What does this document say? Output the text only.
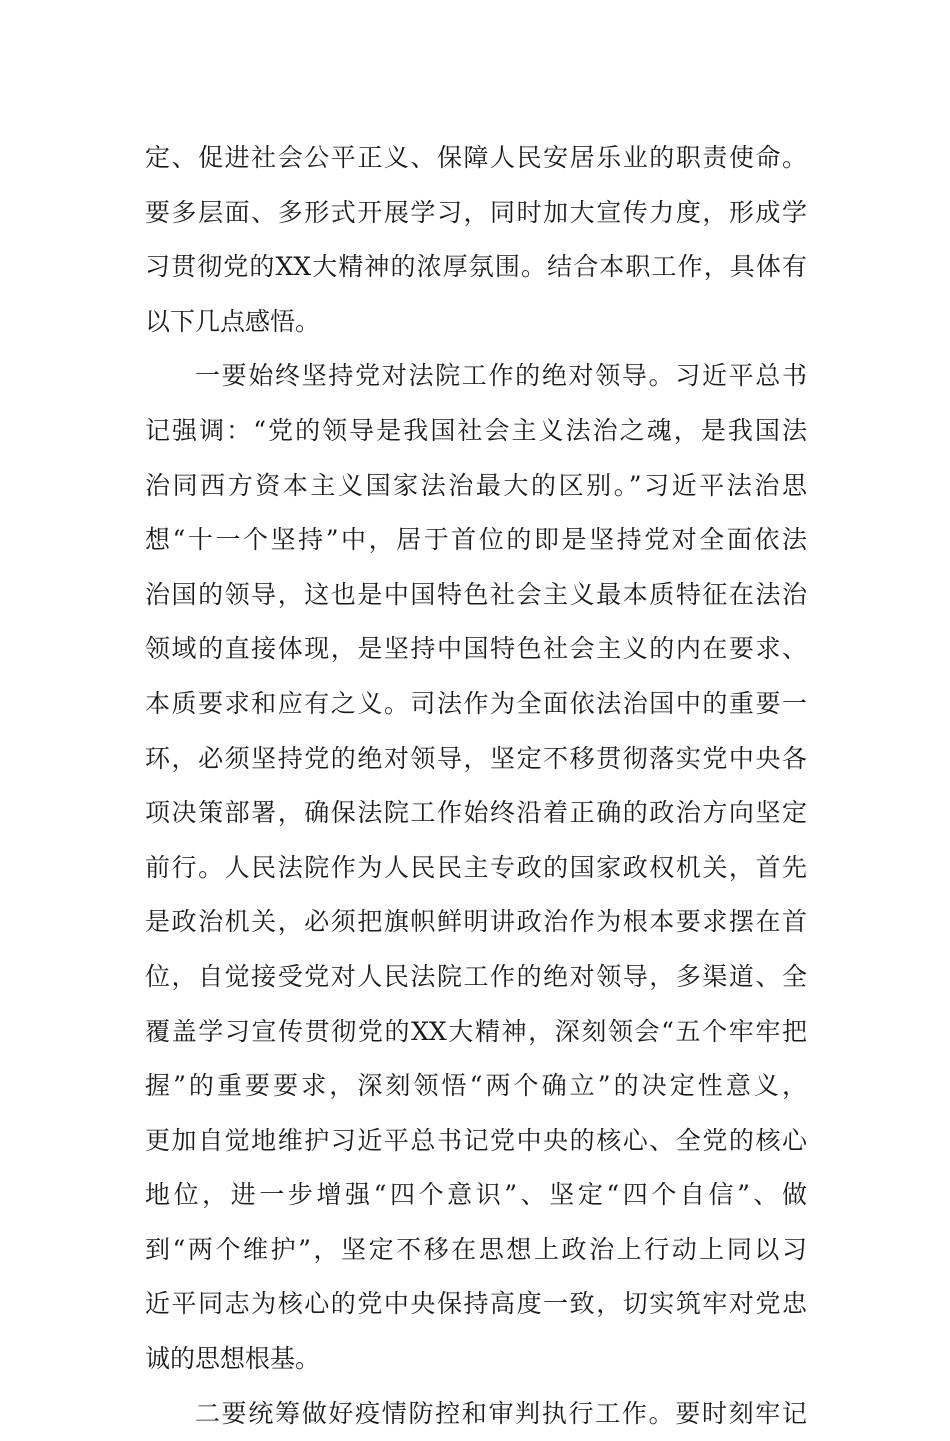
定、促进社会公平正义、保障人民安居乐业的职责使命。
要多层面、多形式开展学习，同时加大宣传力度，形成学
习贯彻党的XX大精神的浓厚氛围。结合本职工作，具体有
以下几点感悟。
一要始终坚持党对法院工作的绝对领导。习近平总书
记强调：“党的领导是我国社会主义法治之魂，是我国法
治同西方资本主义国家法治最大的区别。”习近平法治思
想“十一个坚持”中，居于首位的即是坚持党对全面依法
治国的领导，这也是中国特色社会主义最本质特征在法治
领域的直接体现，是坚持中国特色社会主义的内在要求、
本质要求和应有之义。司法作为全面依法治国中的重要一
环，必须坚持党的绝对领导，坚定不移贯彻落实党中央各
项决策部署，确保法院工作始终沿着正确的政治方向坚定
前行。人民法院作为人民民主专政的国家政权机关，首先
是政治机关，必须把旗帜鲜明讲政治作为根本要求摆在首
位，自觉接受党对人民法院工作的绝对领导，多渠道、全
覆盖学习宣传贯彻党的XX大精神，深刻领会“五个牢牢把
握”的重要要求，深刻领悟“两个确立”的决定性意义，
更加自觉地维护习近平总书记党中央的核心、全党的核心
地位，进一步增强“四个意识”、坚定“四个自信”、做
到“两个维护”，坚定不移在思想上政治上行动上同以习
近平同志为核心的党中央保持高度一致，切实筑牢对党忠
诚的思想根基。
二要统筹做好疫情防控和审判执行工作。要时刻牢记
